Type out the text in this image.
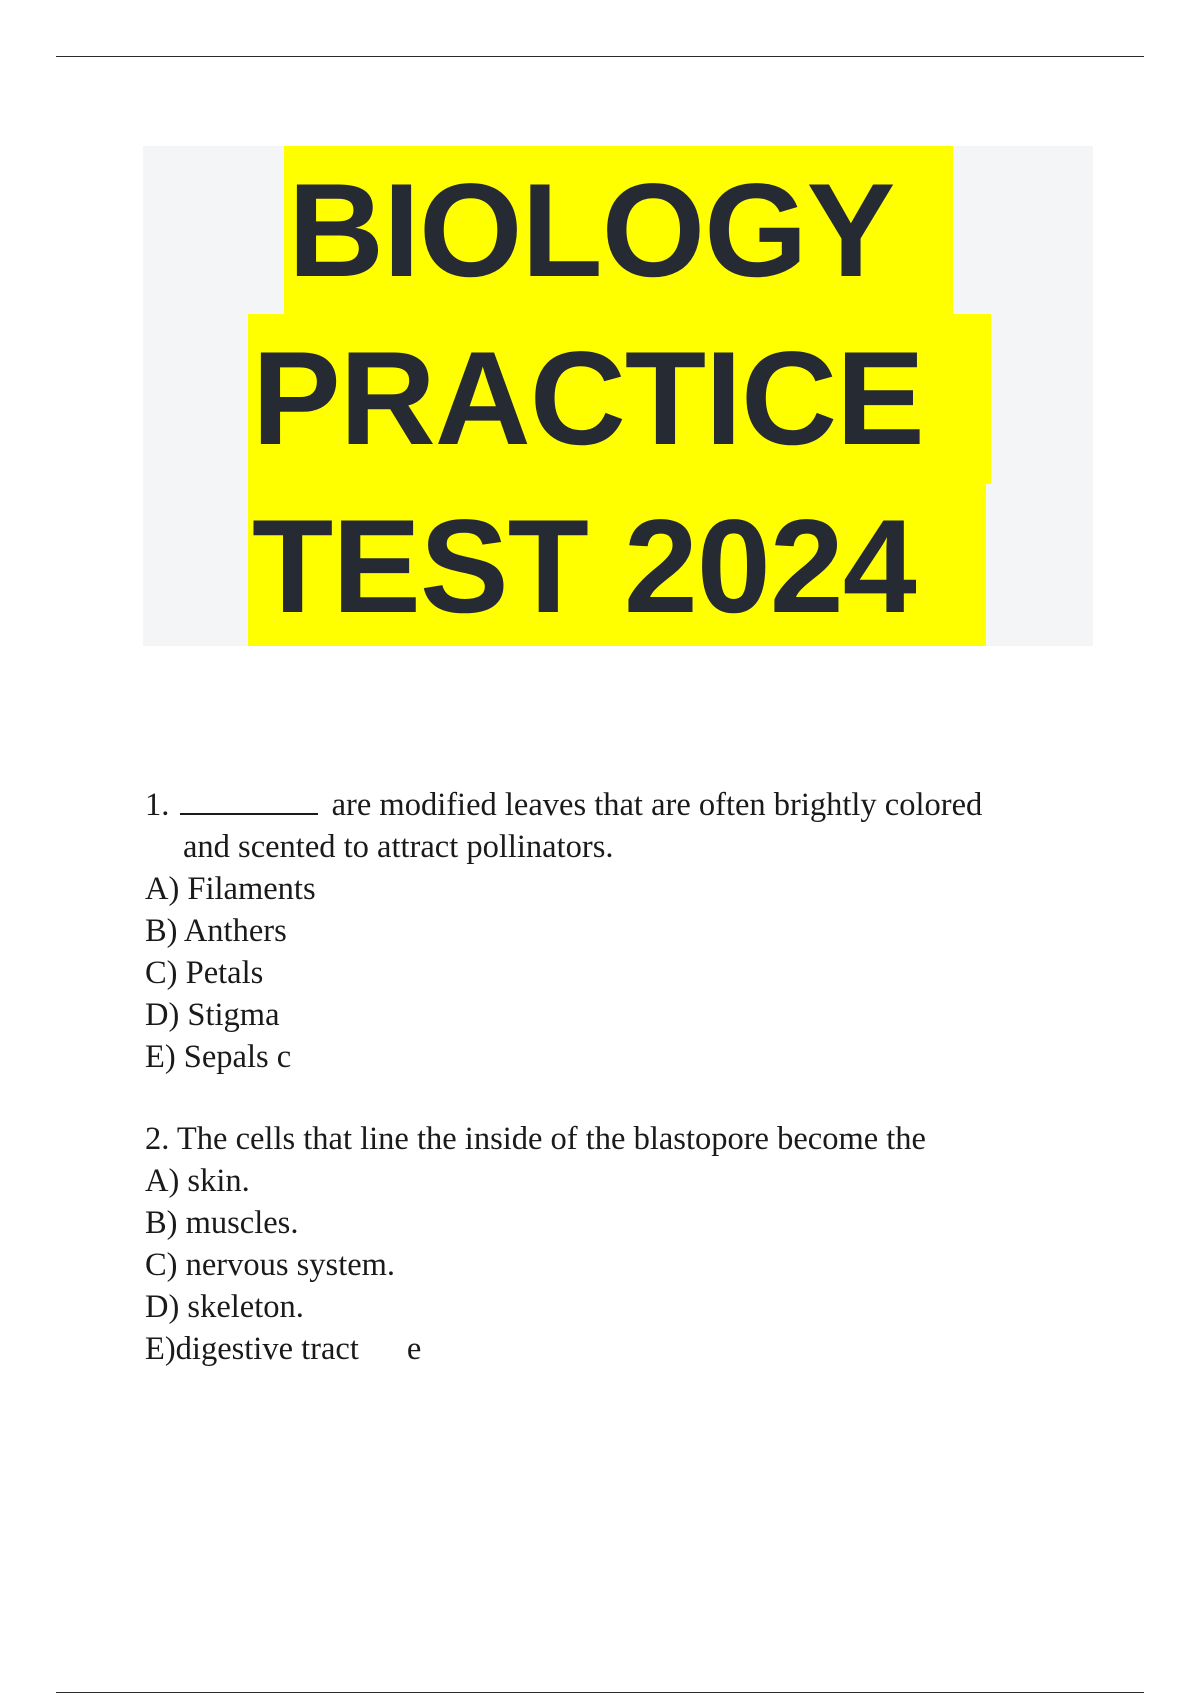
BIOLOGY
PRACTICE
TEST 2024
1.	are modified leaves that are often brightly colored
and scented to attract pollinators.
A) Filaments
B) Anthers
C) Petals
D) Stigma
E) Sepals c
2. The cells that line the inside of the blastopore become the
A) skin.
B) muscles.
C) nervous system.
D) skeleton.
E)digestive tract e
